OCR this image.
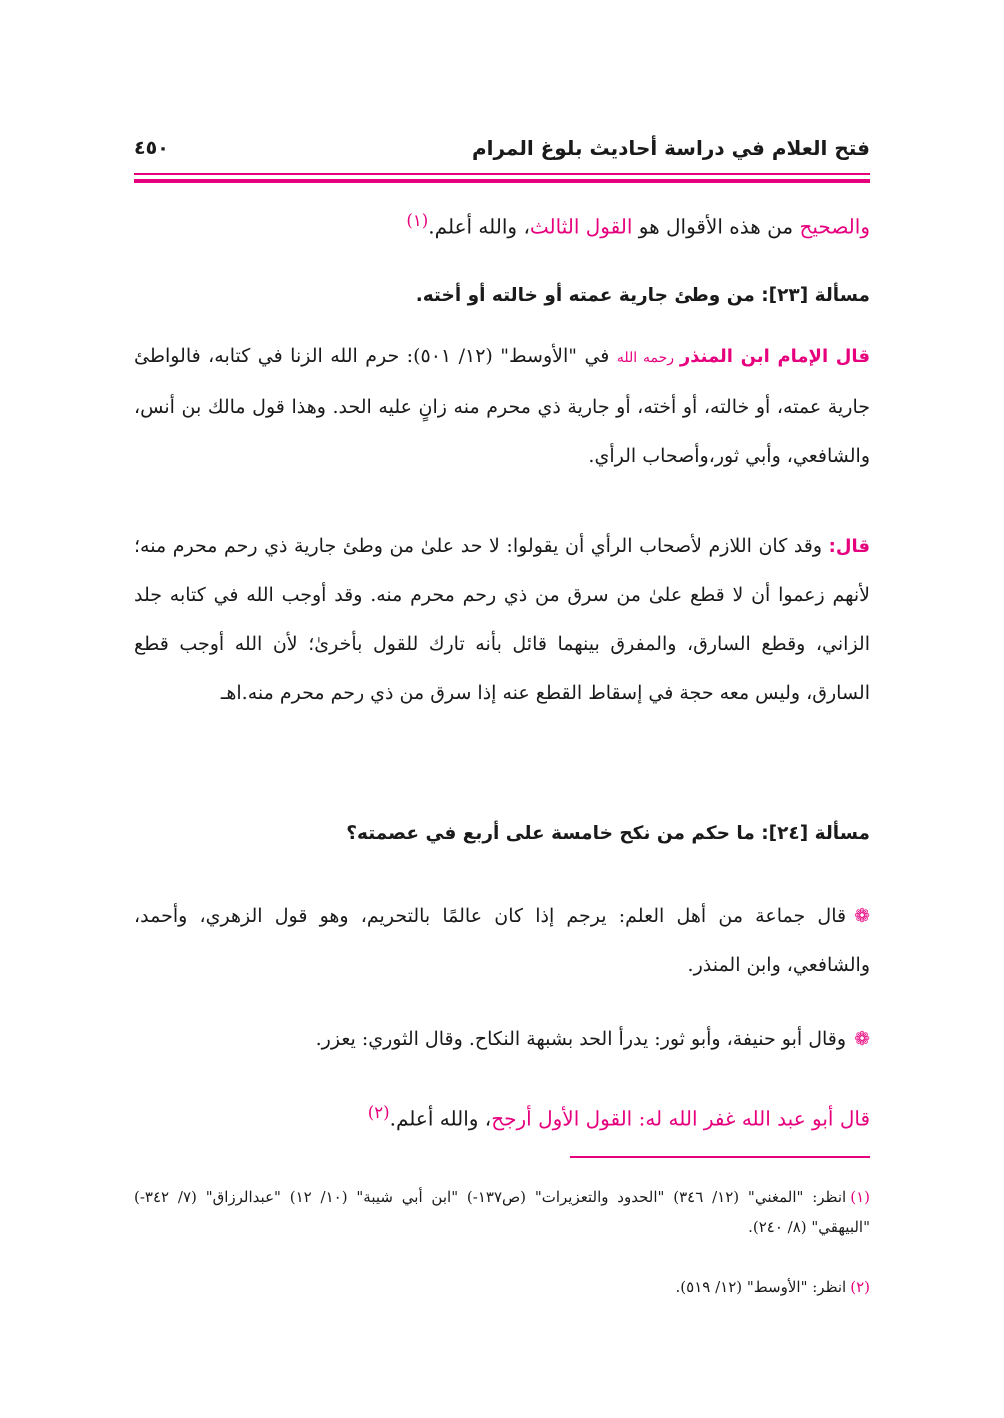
فتح العلام في دراسة أحاديث بلوغ المرام
٤٥٠
والصحيح من هذه الأقوال هو القول الثالث، والله أعلم.$^{(١)}$
مسألة [٢٣]: من وطئ جارية عمته أو خالته أو أخته.
قال الإمام ابن المنذر رحمه الله في "الأوسط" (١٢/ ٥٠١): حرم الله الزنا في كتابه، فالواطئ جارية عمته، أو خالته، أو أخته، أو جارية ذي محرم منه زانٍ عليه الحد. وهذا قول مالك بن أنس، والشافعي، وأبي ثور،وأصحاب الرأي.
قال: وقد كان اللازم لأصحاب الرأي أن يقولوا: لا حد علىٰ من وطئ جارية ذي رحم محرم منه؛ لأنهم زعموا أن لا قطع علىٰ من سرق من ذي رحم محرم منه. وقد أوجب الله في كتابه جلد الزاني، وقطع السارق، والمفرق بينهما قائل بأنه تارك للقول بأخرىٰ؛ لأن الله أوجب قطع السارق، وليس معه حجة في إسقاط القطع عنه إذا سرق من ذي رحم محرم منه.اهـ
مسألة [٢٤]: ما حكم من نكح خامسة على أربع في عصمته؟
❁قال جماعة من أهل العلم: يرجم إذا كان عالمًا بالتحريم، وهو قول الزهري، وأحمد، والشافعي، وابن المنذر.
❁وقال أبو حنيفة، وأبو ثور: يدرأ الحد بشبهة النكاح. وقال الثوري: يعزر.
قال أبو عبد الله غفر الله له: القول الأول أرجح، والله أعلم.$^{(٢)}$
(١)انظر: "المغني" (١٢/ ٣٤٦) "الحدود والتعزيرات" (ص١٣٧-) "ابن أبي شيبة" (١٠/ ١٢) "عبدالرزاق" (٧/ ٣٤٢-) "البيهقي" (٨/ ٢٤٠).
(٢)انظر: "الأوسط" (١٢/ ٥١٩).
